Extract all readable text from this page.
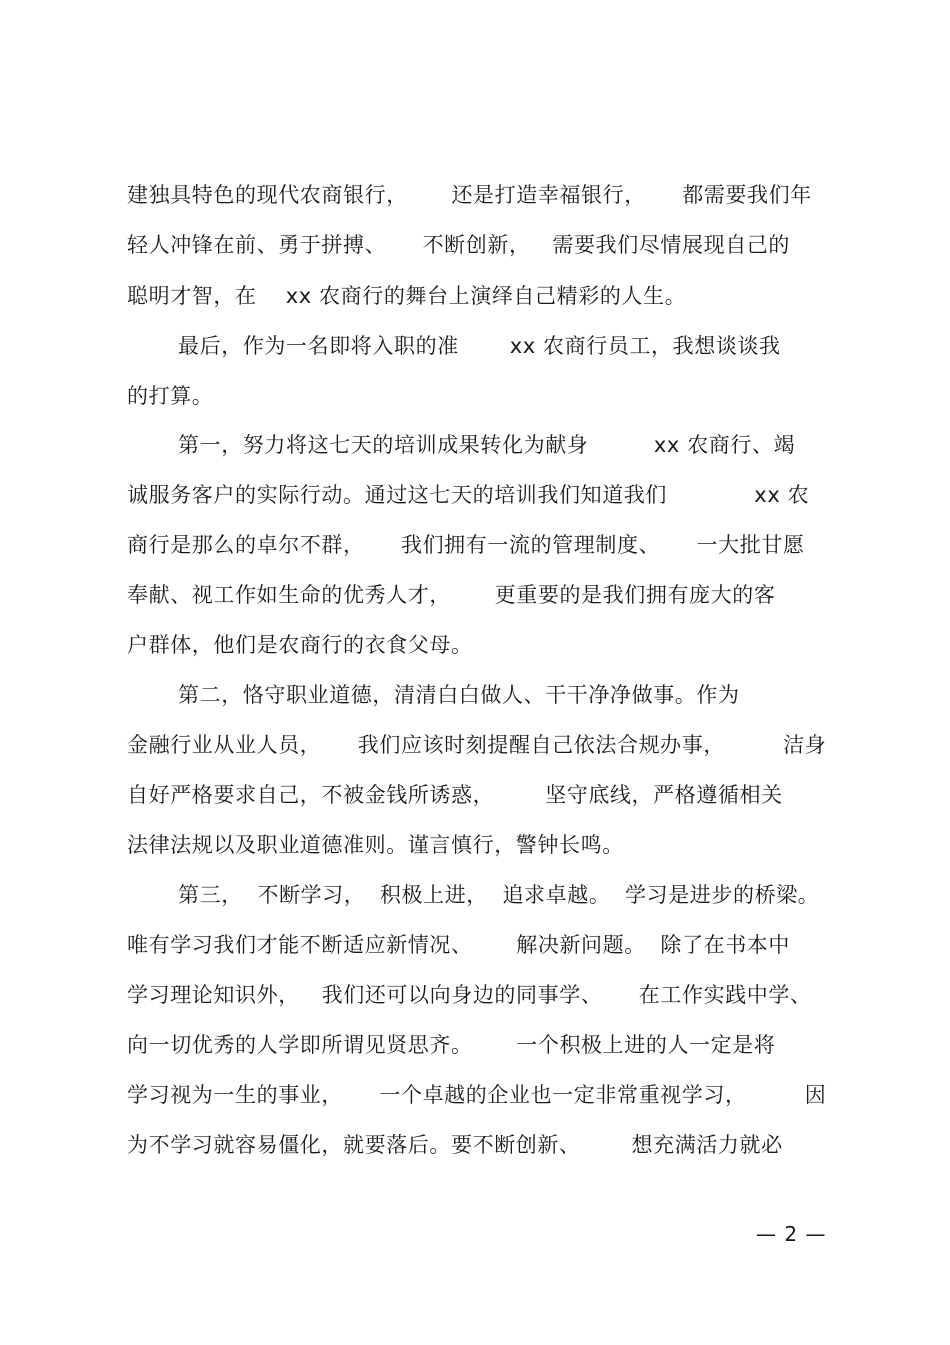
建独具特色的现代农商银行，      还是打造幸福银行，     都需要我们年
轻人冲锋在前、勇于拼搏、     不断创新，   需要我们尽情展现自己的
聪明才智，在    xx 农商行的舞台上演绎自己精彩的人生。
最后，作为一名即将入职的准       xx 农商行员工，我想谈谈我
的打算。
第一，努力将这七天的培训成果转化为献身         xx 农商行、竭
诚服务客户的实际行动。通过这七天的培训我们知道我们            xx 农
商行是那么的卓尔不群，     我们拥有一流的管理制度、     一大批甘愿
奉献、视工作如生命的优秀人才，      更重要的是我们拥有庞大的客
户群体，他们是农商行的衣食父母。
第二，恪守职业道德，清清白白做人、干干净净做事。作为
金融行业从业人员，     我们应该时刻提醒自己依法合规办事，        洁身
自好严格要求自己，不被金钱所诱惑，       坚守底线，严格遵循相关
法律法规以及职业道德准则。谨言慎行，警钟长鸣。
第三，  不断学习，  积极上进，  追求卓越。  学习是进步的桥梁。
唯有学习我们才能不断适应新情况、      解决新问题。  除了在书本中
学习理论知识外，   我们还可以向身边的同事学、     在工作实践中学、
向一切优秀的人学即所谓见贤思齐。      一个积极上进的人一定是将
学习视为一生的事业，     一个卓越的企业也一定非常重视学习，        因
为不学习就容易僵化，就要落后。要不断创新、       想充满活力就必
— 2 —
